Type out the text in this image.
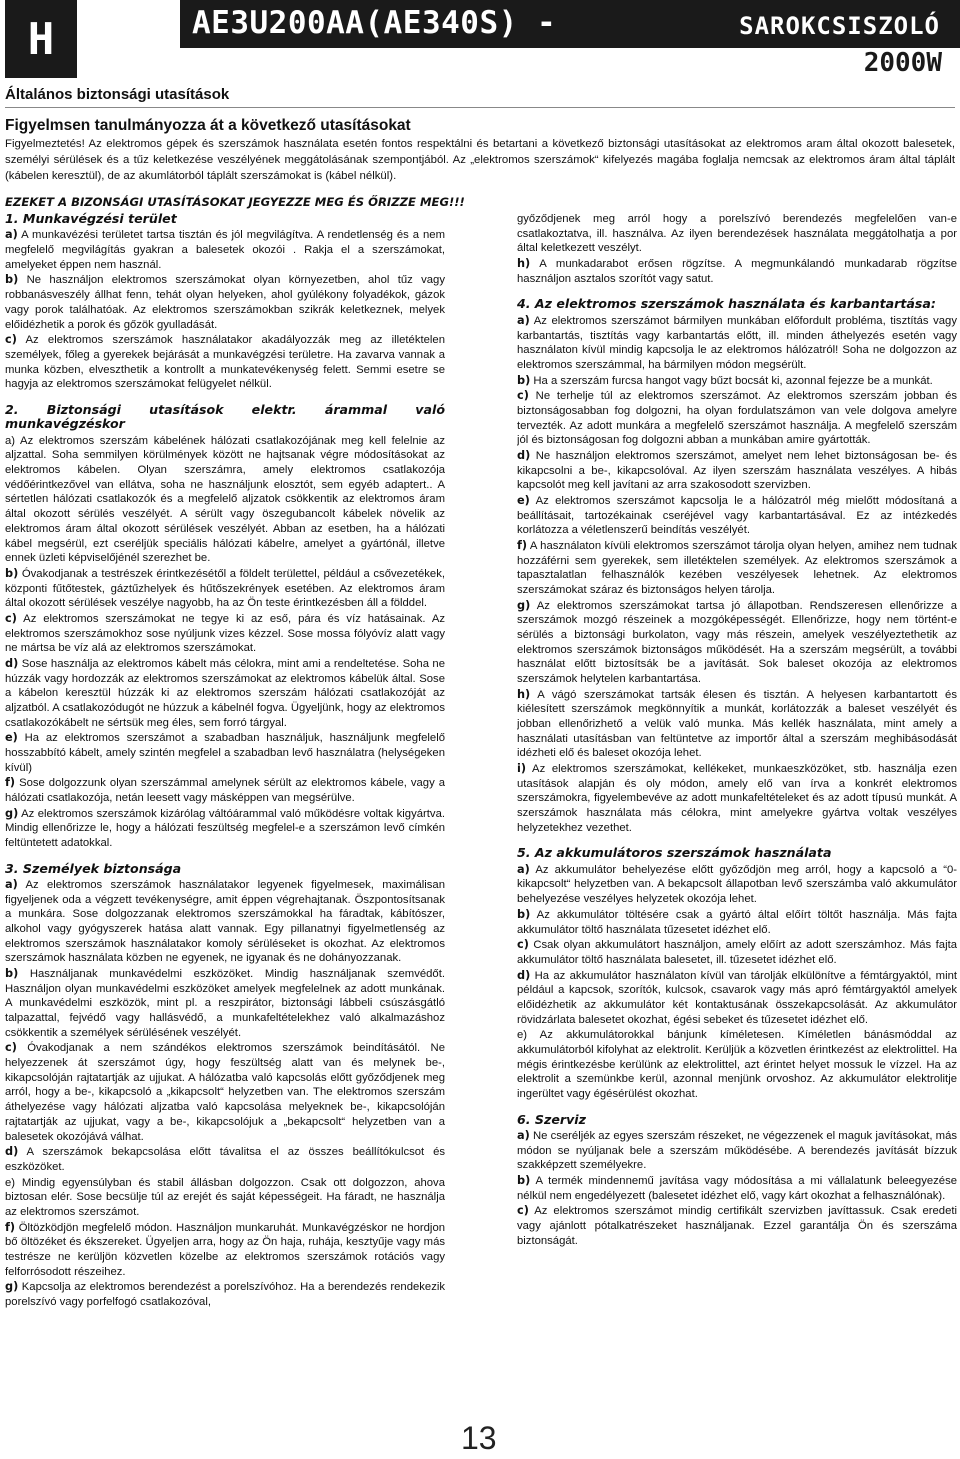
H	AE3U200AA(AE340S) -	SAROKCSISZOLÓ
2000W
Általános biztonsági utasítások
Figyelmsen tanulmányozza át a következő utasításokat

Figyelmeztetés! Az elektromos gépek és szerszámok használata esetén fontos respektálni és betartani a következő biztonsági utasításokat az elektromos aram által okozott balesetek, személyi sérülések és a tűz keletkezése veszélyének meggátolásának szempontjából. Az „elektromos szerszámok“ kifelyezés magába foglalja nemcsak az elektromos áram által táplált (kábelen keresztül), de az akumlátorból táplált szerszámokat is (kábel nélkül).

EZEKET A BIZONSÁGI UTASÍTÁSOKAT JEGYEZZE MEG ÉS ŐRIZZE MEG!!!
1. Munkavégzési terület

a) A munkavézési területet tartsa tisztán és jól megvilágítva. A rendetlenség és a nem megfelelő megvilágítás gyakran a balesetek okozói . Rakja el a szerszámokat, amelyeket éppen nem használ.

b) Ne használjon elektromos szerszámokat olyan környezetben, ahol tűz vagy robbanásveszély állhat fenn, tehát olyan helyeken, ahol gyúlékony folyadékok, gázok vagy porok találhatóak. Az elektromos szerszámokban szikrák keletkeznek, melyek előidézhetik a porok és gőzök gyulladását.

c) Az elektromos szerszámok használatakor akadályozzák meg az illetéktelen személyek, főleg a gyerekek bejárását a munkavégzési területre. Ha zavarva vannak a munka közben, elveszthetik a kontrollt a munkatevékenység felett. Semmi esetre se hagyja az elektromos szerszámokat felügyelet nélkül.

2. Biztonsági utasítások elektr. árammal való munkavégzéskor

a) Az elektromos szerszám kábelének hálózati csatlakozójának meg kell felelnie az aljzattal. Soha semmilyen körülmények között ne hajtsanak végre módosításokat az elektromos kábelen. Olyan szerszámra, amely elektromos csatlakozója védőérintkezővel van ellátva, soha ne használjunk elosztót, sem egyéb adaptert.. A sértetlen hálózati csatlakozók és a megfelelő aljzatok csökkentik az elektromos áram által okozott sérülés veszélyét. A sérült vagy öszegubancolt kábelek növelik az elektromos áram által okozott sérülések veszélyét. Abban az esetben, ha a hálózati kábel megsérül, ezt cseréljük speciális hálózati kábelre, amelyet a gyártónál, illetve ennek üzleti képviselőjénél szerezhet be.

b) Óvakodjanak a testrészek érintkezésétől a földelt területtel, például a csővezetékek, központi fűtőtestek, gáztűzhelyek és hűtőszekrények esetében. Az elektromos áram által okozott sérülések veszélye nagyobb, ha az Ön teste érintkezésben áll a földdel.

c) Az elektromos szerszámokat ne tegye ki az eső, pára és víz hatásainak. Az elektromos szerszámokhoz sose nyúljunk vizes kézzel. Sose mossa fólyóvíz alatt vagy ne mártsa be víz alá az elektromos szerszámokat.

d) Sose használja az elektromos kábelt más célokra, mint ami a rendeltetése. Soha ne húzzák vagy hordozzák az elektromos szerszámokat az elektromos kábelük által. Sose a kábelon keresztül húzzák ki az elektromos szerszám hálózati csatlakozóját az aljzatból. A csatlakozódugót ne húzzuk a kábelnél fogva. Ügyeljünk, hogy az elektromos csatlakozókábelt ne sértsük meg éles, sem forró tárgyal.

e) Ha az elektromos szerszámot a szabadban használjuk, használjunk megfelelő hosszabbító kábelt, amely szintén megfelel a szabadban levő használatra (helységeken kívül)

f) Sose dolgozzunk olyan szerszámmal amelynek sérült az elektromos kábele, vagy a hálózati csatlakozója, netán leesett vagy másképpen van megsérülve.

g) Az elektromos szerszámok kizárólag váltóárammal való működésre voltak kigyártva. Mindig ellenőrizze le, hogy a hálózati feszültség megfelel-e a szerszámon levő címkén feltüntetett adatokkal.

3. Személyek biztonsága

a) Az elektromos szerszámok használatakor legyenek figyelmesek, maximálisan figyeljenek oda a végzett tevékenységre, amit éppen végrehajtanak. Öszpontosítsanak a munkára. Sose dolgozzanak elektromos szerszámokkal ha fáradtak, kábítószer, alkohol vagy gyógyszerek hatása alatt vannak. Egy pillanatnyi figyelmetlenség az elektromos szerszámok használatakor komoly sérüléseket is okozhat. Az elektromos szerszámok használata közben ne egyenek, ne igyanak és ne dohányozzanak.

b) Használjanak munkavédelmi eszközöket. Mindig használjanak szemvédőt. Használjon olyan munkavédelmi eszközöket amelyek megfelelnek az adott munkának. A munkavédelmi eszközök, mint pl. a reszpirátor, biztonsági lábbeli csúszásgátló talpazattal, fejvédő vagy hallásvédő, a munkafeltételekhez való alkalmazáshoz csökkentik a személyek sérülésének veszélyét.

c) Óvakodjanak a nem szándékos elektromos szerszámok beindításától. Ne helyezzenek át szerszámot úgy, hogy feszültség alatt van és melynek be-, kikapcsolóján rajtatartják az ujjukat. A hálózatba való kapcsolás előtt győződjenek meg arról, hogy a be-, kikapcsoló a „kikapcsolt“ helyzetben van. The elektromos szerszám áthelyezése vagy hálózati aljzatba való kapcsolása melyeknek be-, kikapcsolóján rajtatartják az ujjukat, vagy a be-, kikapcsolójuk a „bekapcsolt“ helyzetben van a balesetek okozójává válhat.

d) A szerszámok bekapcsolása előtt távalitsa el az összes beállítókulcsot és eszközöket.

e) Mindig egyensúlyban és stabil állásban dolgozzon. Csak ott dolgozzon, ahova biztosan elér. Sose becsülje túl az erejét és saját képességeit. Ha fáradt, ne használja az elektromos szerszámot.

f) Öltözködjön megfelelő módon. Használjon munkaruhát. Munkavégzéskor ne hordjon bő öltözéket és ékszereket. Ügyeljen arra, hogy az Ön haja, ruhája, kesztyűje vagy más testrésze ne kerüljön közvetlen közelbe az elektromos szerszámok rotációs vagy felforrósodott részeihez.

g) Kapcsolja az elektromos berendezést a porelszívóhoz. Ha a berendezés rendekezik porelszívó vagy porfelfogó csatlakozóval,

győződjenek meg arról hogy a porelszívó berendezés megfelelően van-e csatlakoztatva, ill. használva. Az ilyen berendezések használata meggátolhatja a por által keletkezett veszélyt.

h) A munkadarabot erősen rögzítse. A megmunkálandó munkadarab rögzítse használjon asztalos szorítót vagy satut.

4. Az elektromos szerszámok használata és karbantartása:

a) Az elektromos szerszámot bármilyen munkában előfordult probléma, tisztítás vagy karbantartás, tisztítás vagy karbantartás előtt, ill. minden áthelyezés esetén vagy használaton kívül mindig kapcsolja le az elektromos hálózatról! Soha ne dolgozzon az elektromos szerszámmal, ha bármilyen módon megsérült.

b) Ha a szerszám furcsa hangot vagy bűzt bocsát ki, azonnal fejezze be a munkát.

c) Ne terhelje túl az elektromos szerszámot. Az elektromos szerszám jobban és biztonságosabban fog dolgozni, ha olyan fordulatszámon van vele dolgova amelyre tervezték. Az adott munkára a megfelelő szerszámot használja. A megfelelő szerszám jól és biztonságosan fog dolgozni abban a munkában amire gyártották.

d) Ne használjon elektromos szerszámot, amelyet nem lehet biztonságosan be- és kikapcsolni a be-, kikapcsolóval. Az ilyen szerszám használata veszélyes. A hibás kapcsolót meg kell javítani az arra szakosodott szervizben.

e) Az elektromos szerszámot kapcsolja le a hálózatról még mielőtt módosítaná a beállításait, tartozékainak cseréjével vagy karbantartásával. Ez az intézkedés korlátozza a véletlenszerű beindítás veszélyét.

f) A használaton kívüli elektromos szerszámot tárolja olyan helyen, amihez nem tudnak hozzáférni sem gyerekek, sem illetéktelen személyek. Az elektromos szerszámok a tapasztalatlan felhasználók kezében veszélyesek lehetnek. Az elektromos szerszámokat száraz és biztonságos helyen tárolja.

g) Az elektromos szerszámokat tartsa jó állapotban. Rendszeresen ellenőrizze a szerszámok mozgó részeinek a mozgóképességét. Ellenőrizze, hogy nem történt-e sérülés a biztonsági burkolaton, vagy más részein, amelyek veszélyeztethetik az elektromos szerszámok biztonságos működését. Ha a szerszám megsérült, a további használat előtt biztosítsák be a javítását. Sok baleset okozója az elektromos szerszámok helytelen karbantartása.

h) A vágó szerszámokat tartsák élesen és tisztán. A helyesen karbantartott és kiélesített szerszámok megkönnyítik a munkát, korlátozzák a baleset veszélyét és jobban ellenőrizhető a velük való munka. Más kellék használata, mint amely a használati utasításban van feltüntetve az importőr által a szerszám meghibásodását idézheti elő és baleset okozója lehet.

i) Az elektromos szerszámokat, kellékeket, munkaeszközöket, stb. használja ezen utasítások alapján és oly módon, amely elő van írva a konkrét elektromos szerszámokra, figyelembevéve az adott munkafeltételeket és az adott típusú munkát. A szerszámok használata más célokra, mint amelyekre gyártva voltak veszélyes helyzetekhez vezethet.

5. Az akkumulátoros szerszámok használata

a) Az akkumulátor behelyezése előtt győződjön meg arról, hogy a kapcsoló a “0-kikapcsolt“ helyzetben van. A bekapcsolt állapotban levő szerszámba való akkumulátor behelyezése veszélyes helyzetek okozója lehet.

b) Az akkumulátor töltésére csak a gyártó által előírt töltőt használja. Más fajta akkumulátor töltő használata tűzesetet idézhet elő.

c) Csak olyan akkumulátort használjon, amely előírt az adott szerszámhoz. Más fajta akkumulátor töltő használata balesetet, ill. tűzesetet idézhet elő.

d) Ha az akkumulátor használaton kívül van tárolják elkülönítve a fémtárgyaktól, mint például a kapcsok, szorítók, kulcsok, csavarok vagy más apró fémtárgyaktól amelyek előidézhetik az akkumulátor két kontaktusának összekapcsolását. Az akkumulátor rövidzárlata balesetet okozhat, égési sebeket és tűzesetet idézhet elő.

e) Az akkumulátorokkal bánjunk kíméletesen. Kíméletlen bánásmóddal az akkumulátorból kifolyhat az elektrolit. Kerüljük a közvetlen érintkezést az elektrolittel. Ha mégis érintkezésbe kerülünk az elektrolittel, azt érintet helyet mossuk le vízzel. Ha az elektrolit a szemünkbe kerül, azonnal menjünk orvoshoz. Az akkumulátor elektrolitje ingerültet vagy égésérülést okozhat.

6. Szerviz

a) Ne cseréljék az egyes szerszám részeket, ne végezzenek el maguk javításokat, más módon se nyúljanak bele a szerszám működésébe. A berendezés javítását bízzuk szakképzett személyekre.

b) A termék mindennemű javítása vagy módosítása a mi vállalatunk beleegyezése nélkül nem engedélyezett (balesetet idézhet elő, vagy kárt okozhat a felhasználónak).

c) Az elektromos szerszámot mindig certifikált szervizben javíttassuk. Csak eredeti vagy ajánlott pótalkatrészeket használjanak. Ezzel garantálja Ön és szerszáma biztonságát.

13
